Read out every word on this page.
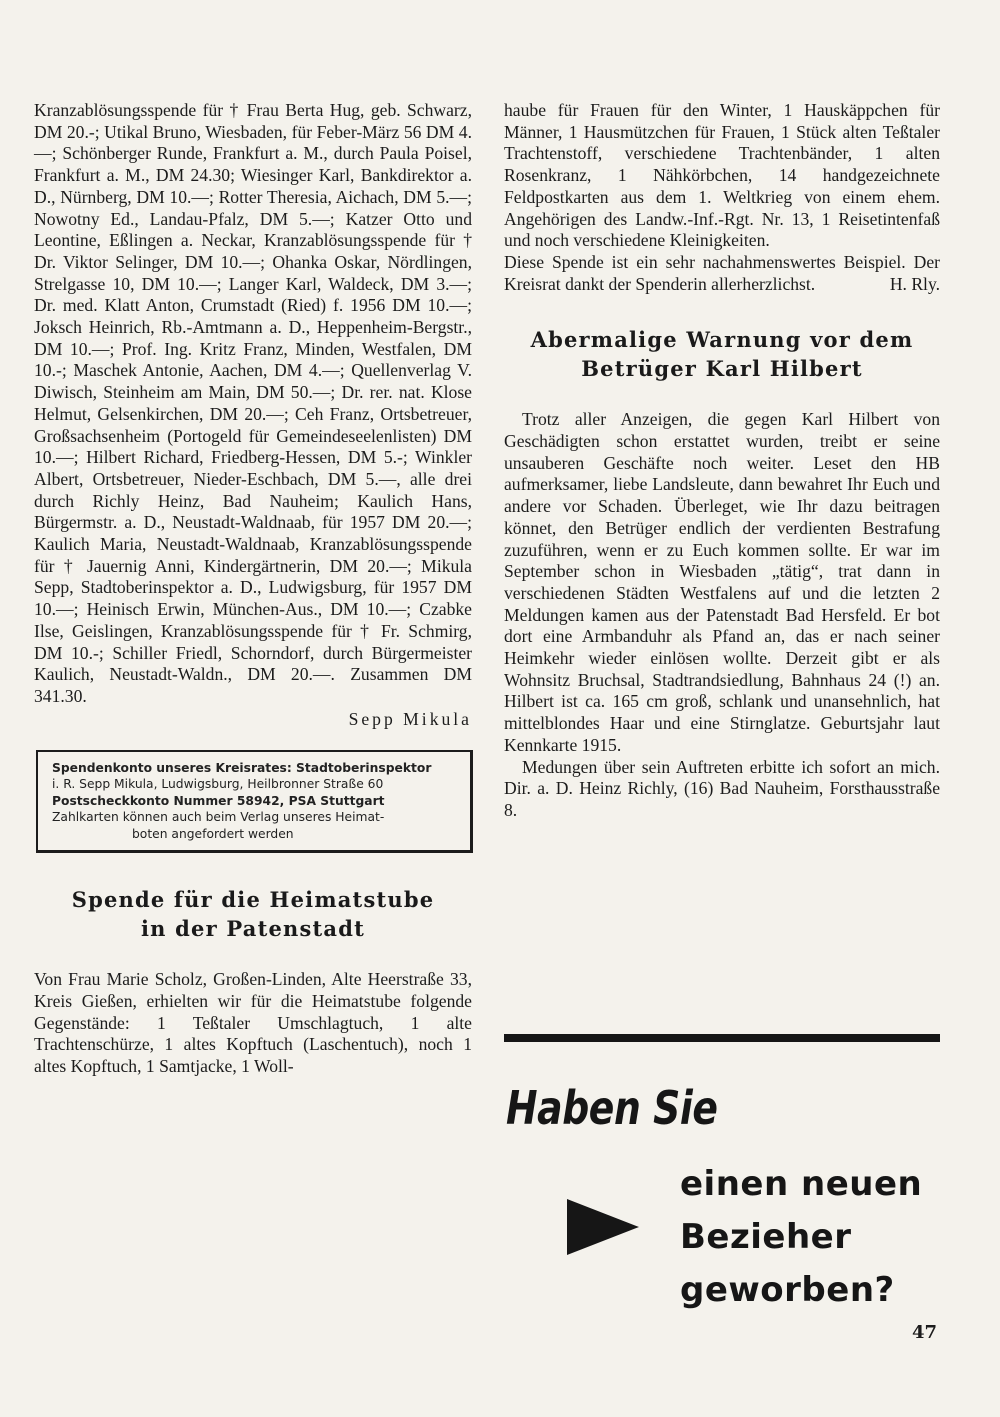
Kranzablösungsspende für † Frau Berta Hug, geb. Schwarz, DM 20.-; Utikal Bruno, Wiesbaden, für Feber-März 56 DM 4.—; Schönberger Runde, Frankfurt a. M., durch Paula Poisel, Frankfurt a. M., DM 24.30; Wiesinger Karl, Bankdirektor a. D., Nürnberg, DM 10.—; Rotter Theresia, Aichach, DM 5.—; Nowotny Ed., Landau-Pfalz, DM 5.—; Katzer Otto und Leontine, Eßlingen a. Neckar, Kranzablösungsspende für † Dr. Viktor Selinger, DM 10.—; Ohanka Oskar, Nördlingen, Strelgasse 10, DM 10.—; Langer Karl, Waldeck, DM 3.—; Dr. med. Klatt Anton, Crumstadt (Ried) f. 1956 DM 10.—; Joksch Heinrich, Rb.-Amtmann a. D., Heppenheim-Bergstr., DM 10.—; Prof. Ing. Kritz Franz, Minden, Westfalen, DM 10.-; Maschek Antonie, Aachen, DM 4.—; Quellenverlag V. Diwisch, Steinheim am Main, DM 50.—; Dr. rer. nat. Klose Helmut, Gelsenkirchen, DM 20.—; Ceh Franz, Ortsbetreuer, Großsachsenheim (Portogeld für Gemeindeseelenlisten) DM 10.—; Hilbert Richard, Friedberg-Hessen, DM 5.-; Winkler Albert, Ortsbetreuer, Nieder-Eschbach, DM 5.—, alle drei durch Richly Heinz, Bad Nauheim; Kaulich Hans, Bürgermstr. a. D., Neustadt-Waldnaab, für 1957 DM 20.—; Kaulich Maria, Neustadt-Waldnaab, Kranzablösungsspende für † Jauernig Anni, Kindergärtnerin, DM 20.—; Mikula Sepp, Stadtoberinspektor a. D., Ludwigsburg, für 1957 DM 10.—; Heinisch Erwin, München-Aus., DM 10.—; Czabke Ilse, Geislingen, Kranzablösungsspende für † Fr. Schmirg, DM 10.-; Schiller Friedl, Schorndorf, durch Bürgermeister Kaulich, Neustadt-Waldn., DM 20.—. Zusammen DM 341.30.

Sepp Mikula
Spendenkonto unseres Kreisrates: Stadtoberinspektor
i. R. Sepp Mikula, Ludwigsburg, Heilbronner Straße 60
Postscheckkonto Nummer 58942, PSA Stuttgart
Zahlkarten können auch beim Verlag unseres Heimat-
boten angefordert werden
Spende für die Heimatstube
in der Patenstadt

Von Frau Marie Scholz, Großen-Linden, Alte Heerstraße 33, Kreis Gießen, erhielten wir für die Heimatstube folgende Gegenstände: 1 Teßtaler Umschlagtuch, 1 alte Trachtenschürze, 1 altes Kopftuch (Laschentuch), noch 1 altes Kopftuch, 1 Samtjacke, 1 Woll-

haube für Frauen für den Winter, 1 Hauskäppchen für Männer, 1 Hausmützchen für Frauen, 1 Stück alten Teßtaler Trachtenstoff, verschiedene Trachtenbänder, 1 alten Rosenkranz, 1 Nähkörbchen, 14 handgezeichnete Feldpostkarten aus dem 1. Weltkrieg von einem ehem. Angehörigen des Landw.-Inf.-Rgt. Nr. 13, 1 Reisetintenfaß und noch verschiedene Kleinigkeiten.

Diese Spende ist ein sehr nachahmenswertes Beispiel. Der Kreisrat dankt der Spenderin allerherzlichst.	H. Rly.
Abermalige Warnung vor dem
Betrüger Karl Hilbert

Trotz aller Anzeigen, die gegen Karl Hilbert von Geschädigten schon erstattet wurden, treibt er seine unsauberen Geschäfte noch weiter. Leset den HB aufmerksamer, liebe Landsleute, dann bewahret Ihr Euch und andere vor Schaden. Überleget, wie Ihr dazu beitragen könnet, den Betrüger endlich der verdienten Bestrafung zuzuführen, wenn er zu Euch kommen sollte. Er war im September schon in Wiesbaden „tätig“, trat dann in verschiedenen Städten Westfalens auf und die letzten 2 Meldungen kamen aus der Patenstadt Bad Hersfeld. Er bot dort eine Armbanduhr als Pfand an, das er nach seiner Heimkehr wieder einlösen wollte. Derzeit gibt er als Wohnsitz Bruchsal, Stadtrandsiedlung, Bahnhaus 24 (!) an. Hilbert ist ca. 165 cm groß, schlank und unansehnlich, hat mittelblondes Haar und eine Stirnglatze. Geburtsjahr laut Kennkarte 1915.

Medungen über sein Auftreten erbitte ich sofort an mich. Dir. a. D. Heinz Richly, (16) Bad Nauheim, Forsthausstraße 8.

Haben Sie
einen neuen
Bezieher
geworben?
47
